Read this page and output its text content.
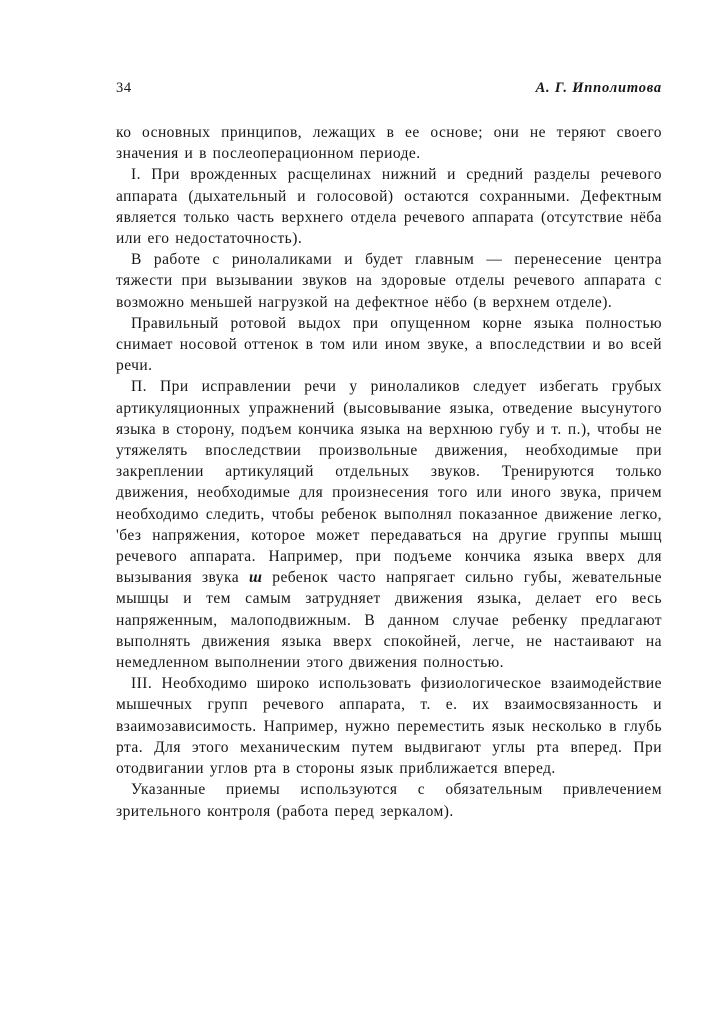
34	А. Г. Ипполитова

ко основных принципов, лежащих в ее основе; они не теряют своего значения и в послеоперационном периоде.

I. При врожденных расщелинах нижний и средний разделы речевого аппарата (дыхательный и голосовой) остаются сохранными. Дефектным является только часть верхнего отдела речевого аппарата (отсутствие нёба или его недостаточность).

В работе с ринолаликами и будет главным — перенесение центра тяжести при вызывании звуков на здоровые отделы речевого аппарата с возможно меньшей нагрузкой на дефектное нёбо (в верхнем отделе).

Правильный ротовой выдох при опущенном корне языка полностью снимает носовой оттенок в том или ином звуке, а впоследствии и во всей речи.

П. При исправлении речи у ринолаликов следует избегать грубых артикуляционных упражнений (высовывание языка, отведение высунутого языка в сторону, подъем кончика языка на верхнюю губу и т. п.), чтобы не утяжелять впоследствии произвольные движения, необходимые при закреплении артикуляций отдельных звуков. Тренируются только движения, необходимые для произнесения того или иного звука, причем необходимо следить, чтобы ребенок выполнял показанное движение легко, 'без напряжения, которое может передаваться на другие группы мышц речевого аппарата. Например, при подъеме кончика языка вверх для вызывания звука ш ребенок часто напрягает сильно губы, жевательные мышцы и тем самым затрудняет движения языка, делает его весь напряженным, малоподвижным. В данном случае ребенку предлагают выполнять движения языка вверх спокойней, легче, не настаивают на немедленном выполнении этого движения полностью.

III. Необходимо широко использовать физиологическое взаимодействие мышечных групп речевого аппарата, т. е. их взаимосвязанность и взаимозависимость. Например, нужно переместить язык несколько в глубь рта. Для этого механическим путем выдвигают углы рта вперед. При отодвигании углов рта в стороны язык приближается вперед.

Указанные приемы используются с обязательным привлечением зрительного контроля (работа перед зеркалом).
